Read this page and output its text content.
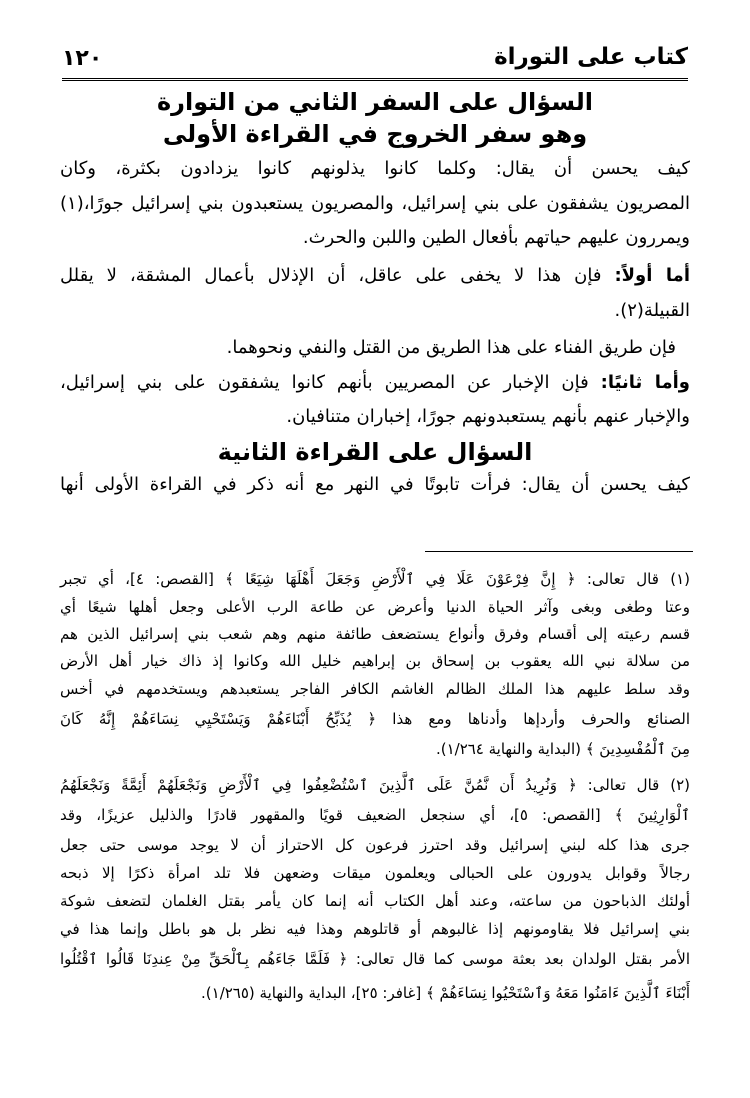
كتاب على التوراة
١٢٠
السؤال على السفر الثاني من التوارة
وهو سفر الخروج في القراءة الأولى
كيف يحسن أن يقال: وكلما كانوا يذلونهم كانوا يزدادون بكثرة، وكان
المصريون يشفقون على بني إسرائيل، والمصريون يستعبدون بني إسرائيل جورًا،(١)
ويمررون عليهم حياتهم بأفعال الطين واللبن والحرث.
أما أولاً: فإن هذا لا يخفى على عاقل، أن الإذلال بأعمال المشقة، لا يقلل
القبيلة(٢).
فإن طريق الفناء على هذا الطريق من القتل والنفي ونحوهما.
وأما ثانيًا: فإن الإخبار عن المصريين بأنهم كانوا يشفقون على بني إسرائيل،
والإخبار عنهم بأنهم يستعبدونهم جورًا، إخباران متنافيان.
السؤال على القراءة الثانية
كيف يحسن أن يقال: فرأت تابوتًا في النهر مع أنه ذكر في القراءة الأولى أنها
(١) قال تعالى: ﴿ إِنَّ فِرْعَوْنَ عَلَا فِي ٱلْأَرْضِ وَجَعَلَ أَهْلَهَا شِيَعًا ﴾ [القصص: ٤]، أي تجبر
وعتا وطغى وبغى وآثر الحياة الدنيا وأعرض عن طاعة الرب الأعلى وجعل أهلها شيعًا أي
قسم رعيته إلى أقسام وفرق وأنواع يستضعف طائفة منهم وهم شعب بني إسرائيل الذين هم
من سلالة نبي الله يعقوب بن إسحاق بن إبراهيم خليل الله وكانوا إذ ذاك خيار أهل الأرض
وقد سلط عليهم هذا الملك الظالم الغاشم الكافر الفاجر يستعبدهم ويستخدمهم في أخس
الصنائع والحرف وأردإها وأدناها ومع هذا ﴿ يُذَبِّحُ أَبْنَاءَهُمْ وَيَسْتَحْيِي نِسَاءَهُمْ إِنَّهُ كَانَ
مِنَ ٱلْمُفْسِدِينَ ﴾ (البداية والنهاية ١/٢٦٤).
(٢) قال تعالى: ﴿ وَنُرِيدُ أَن نَّمُنَّ عَلَى ٱلَّذِينَ ٱسْتُضْعِفُوا فِي ٱلْأَرْضِ وَنَجْعَلَهُمْ أَئِمَّةً وَنَجْعَلَهُمُ
ٱلْوَارِثِينَ ﴾ [القصص: ٥]، أي سنجعل الضعيف قويًا والمقهور قادرًا والذليل عزيزًا، وقد
جرى هذا كله لبني إسرائيل وقد احترز فرعون كل الاحتراز أن لا يوجد موسى حتى جعل
رجالاً وقوابل يدورون على الحبالى ويعلمون ميقات وضعهن فلا تلد امرأة ذكرًا إلا ذبحه
أولئك الذباحون من ساعته، وعند أهل الكتاب أنه إنما كان يأمر بقتل الغلمان لتضعف شوكة
بني إسرائيل فلا يقاومونهم إذا غالبوهم أو قاتلوهم وهذا فيه نظر بل هو باطل وإنما هذا في
الأمر بقتل الولدان بعد بعثة موسى كما قال تعالى: ﴿ فَلَمَّا جَاءَهُم بِٱلْحَقِّ مِنْ عِندِنَا قَالُوا ٱقْتُلُوا
أَبْنَاءَ ٱلَّذِينَ ءَامَنُوا مَعَهُ وَٱسْتَحْيُوا نِسَاءَهُمْ ﴾ [غافر: ٢٥]، البداية والنهاية (١/٢٦٥).
